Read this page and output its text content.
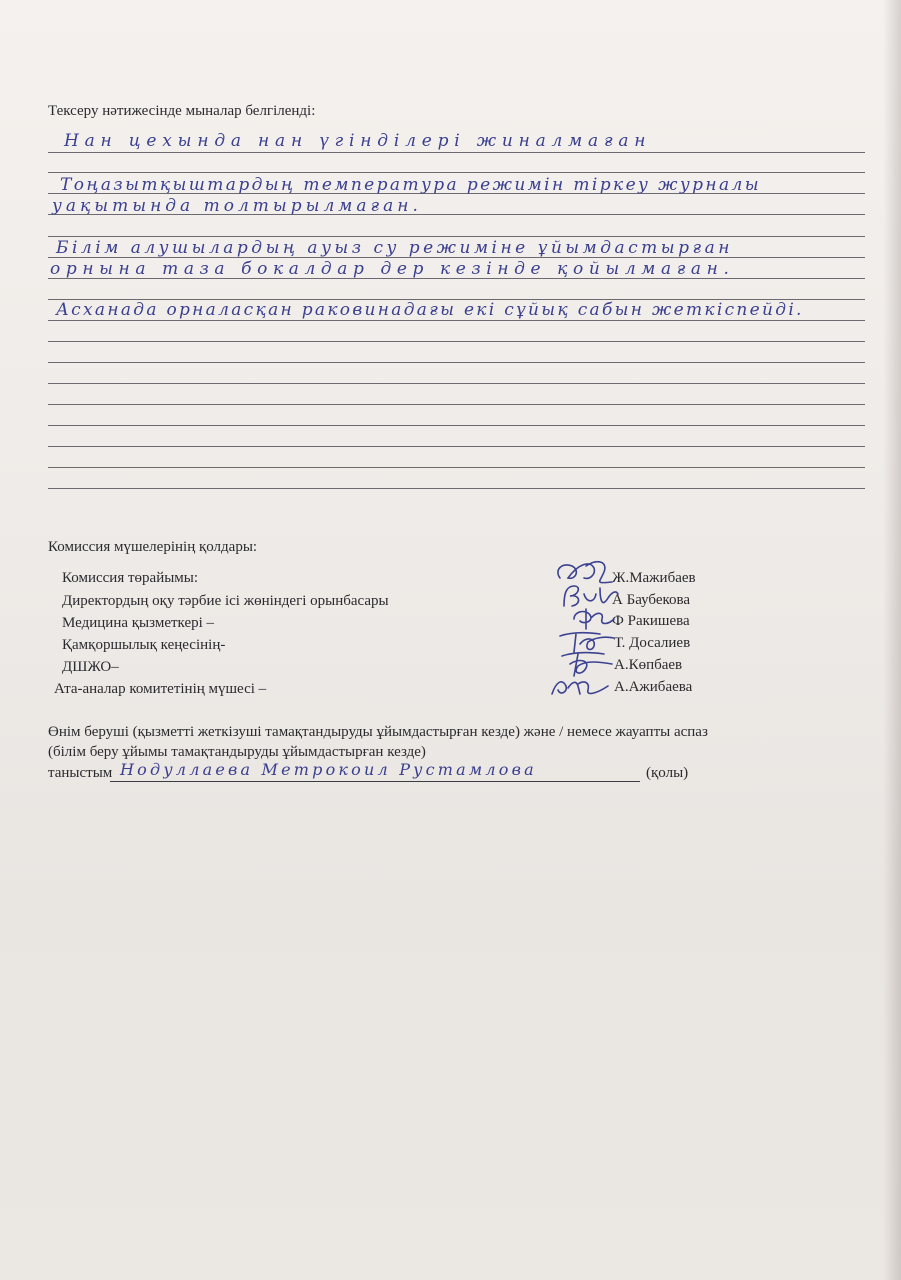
Тексеру нәтижесінде мыналар белгіленді:
Нан цехында нан үгінділері жиналмаған
Тоңазытқыштардың температура режимін тіркеу журналы
уақытында толтырылмаған.
Білім алушылардың ауыз су режиміне ұйымдастырған
орнына таза бокалдар дер кезінде қойылмаған.
Асханада орналасқан раковинадағы екі сұйық сабын жеткіспейді.
Комиссия мүшелерінің қолдары:
Комиссия төрайымы:
Директордың оқу тәрбие ісі жөніндегі орынбасары
Медицина қызметкері –
Қамқоршылық кеңесінің-
ДШЖО–
Ата-аналар комитетінің мүшесі –
Ж.Мажибаев
А Баубекова
Ф Ракишева
Т. Досалиев
А.Көпбаев
А.Ажибаева
Өнім беруші (қызметті жеткізуші тамақтандыруды ұйымдастырған кезде) және / немесе жауапты аспаз
(білім беру ұйымы тамақтандыруды ұйымдастырған кезде)
таныстым Нодуллаева Метрокоил Рустамлова	(қолы)
